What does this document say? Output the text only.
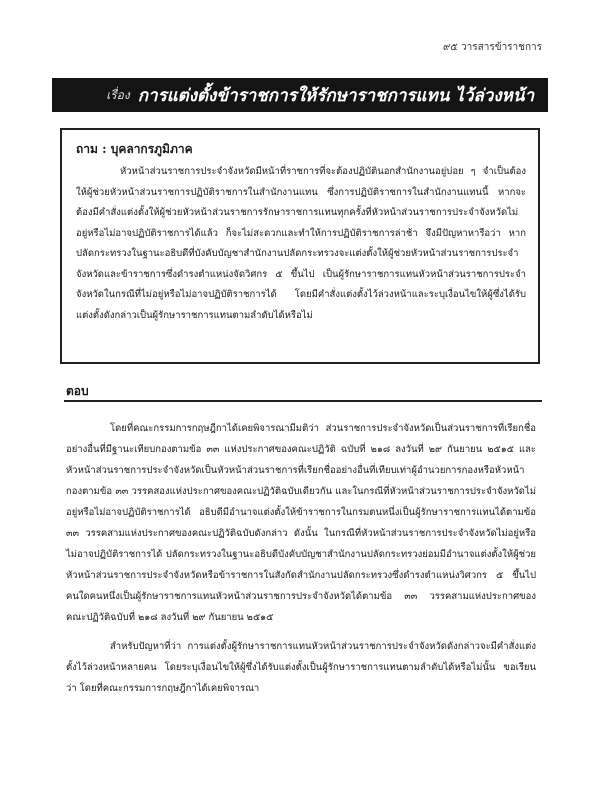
๙๕ วารสารข้าราชการ
เรื่อง การแต่งตั้งข้าราชการให้รักษาราชการแทน ไว้ล่วงหน้า
ถาม : บุคลากรภูมิภาค

หัวหน้าส่วนราชการประจำจังหวัดมีหน้าที่ราชการที่จะต้องปฏิบัตินอกสำนักงานอยู่บ่อย ๆ จำเป็นต้องให้ผู้ช่วยหัวหน้าส่วนราชการปฏิบัติราชการในสำนักงานแทน ซึ่งการปฏิบัติราชการในสำนักงานแทนนี้ หากจะต้องมีคำสั่งแต่งตั้งให้ผู้ช่วยหัวหน้าส่วนราชการรักษาราชการแทนทุกครั้งที่หัวหน้าส่วนราชการประจำจังหวัดไม่อยู่หรือไม่อาจปฏิบัติราชการได้แล้ว ก็จะไม่สะดวกและทำให้การปฏิบัติราชการล่าช้า จึงมีปัญหาหารือว่า หากปลัดกระทรวงในฐานะอธิบดีที่บังคับบัญชาสำนักงานปลัดกระทรวงจะแต่งตั้งให้ผู้ช่วยหัวหน้าส่วนราชการประจำจังหวัดและข้าราชการซึ่งดำรงตำแหน่งจัดวิศกร ๕ ขึ้นไป เป็นผู้รักษาราชการแทนหัวหน้าส่วนราชการประจำจังหวัดในกรณีที่ไม่อยู่หรือไม่อาจปฏิบัติราชการได้ โดยมีคำสั่งแต่งตั้งไว้ล่วงหน้าและระบุเงื่อนไขให้ผู้ซึ่งได้รับแต่งตั้งดังกล่าวเป็นผู้รักษาราชการแทนตามลำดับได้หรือไม่

ตอบ

โดยที่คณะกรรมการกฤษฎีกาได้เคยพิจารณามีมติว่า ส่วนราชการประจำจังหวัดเป็นส่วนราชการที่เรียกชื่ออย่างอื่นที่มีฐานะเทียบกองตามข้อ ๓๓ แห่งประกาศของคณะปฏิวัติ ฉบับที่ ๒๑๘ ลงวันที่ ๒๙ กันยายน ๒๕๑๕ และหัวหน้าส่วนราชการประจำจังหวัดเป็นหัวหน้าส่วนราชการที่เรียกชื่ออย่างอื่นที่เทียบเท่าผู้อำนวยการกองหรือหัวหน้ากองตามข้อ ๓๓ วรรคสองแห่งประกาศของคณะปฏิวัติฉบับเดียวกัน และในกรณีที่หัวหน้าส่วนราชการประจำจังหวัดไม่อยู่หรือไม่อาจปฏิบัติราชการได้ อธิบดีมีอำนาจแต่งตั้งให้ข้าราชการในกรมตนหนึ่งเป็นผู้รักษาราชการแทนได้ตามข้อ ๓๓ วรรคสามแห่งประกาศของคณะปฏิวัติฉบับดังกล่าว ดังนั้น ในกรณีที่หัวหน้าส่วนราชการประจำจังหวัดไม่อยู่หรือไม่อาจปฏิบัติราชการได้ ปลัดกระทรวงในฐานะอธิบดีบังคับบัญชาสำนักงานปลัดกระทรวงย่อมมีอำนาจแต่งตั้งให้ผู้ช่วยหัวหน้าส่วนราชการประจำจังหวัดหรือข้าราชการในสังกัดสำนักงานปลัดกระทรวงซึ่งดำรงตำแหน่งวิศวกร ๕ ขึ้นไป คนใดคนหนึ่งเป็นผู้รักษาราชการแทนหัวหน้าส่วนราชการประจำจังหวัดได้ตามข้อ ๓๓ วรรคสามแห่งประกาศของคณะปฏิวัติฉบับที่ ๒๑๘ ลงวันที่ ๒๙ กันยายน ๒๕๑๕

สำหรับปัญหาที่ว่า การแต่งตั้งผู้รักษาราชการแทนหัวหน้าส่วนราชการประจำจังหวัดดังกล่าวจะมีคำสั่งแต่งตั้งไว้ล่วงหน้าหลายคน โดยระบุเงื่อนไขให้ผู้ซึ่งได้รับแต่งตั้งเป็นผู้รักษาราชการแทนตามลำดับได้หรือไม่นั้น ขอเรียนว่า โดยที่คณะกรรมการกฤษฎีกาได้เคยพิจารณา
